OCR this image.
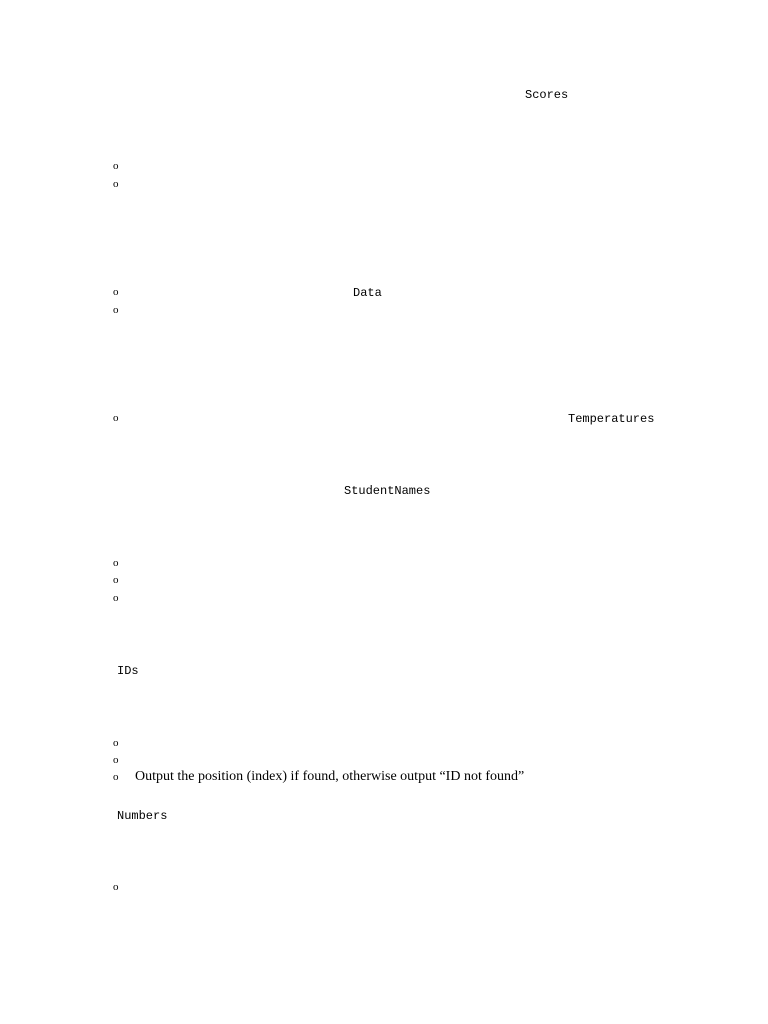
Scores
o
o
o	Data
o
o	Temperatures
StudentNames
o
o
o
IDs
o
o
o Output the position (index) if found, otherwise output “ID not found”
Numbers
o
